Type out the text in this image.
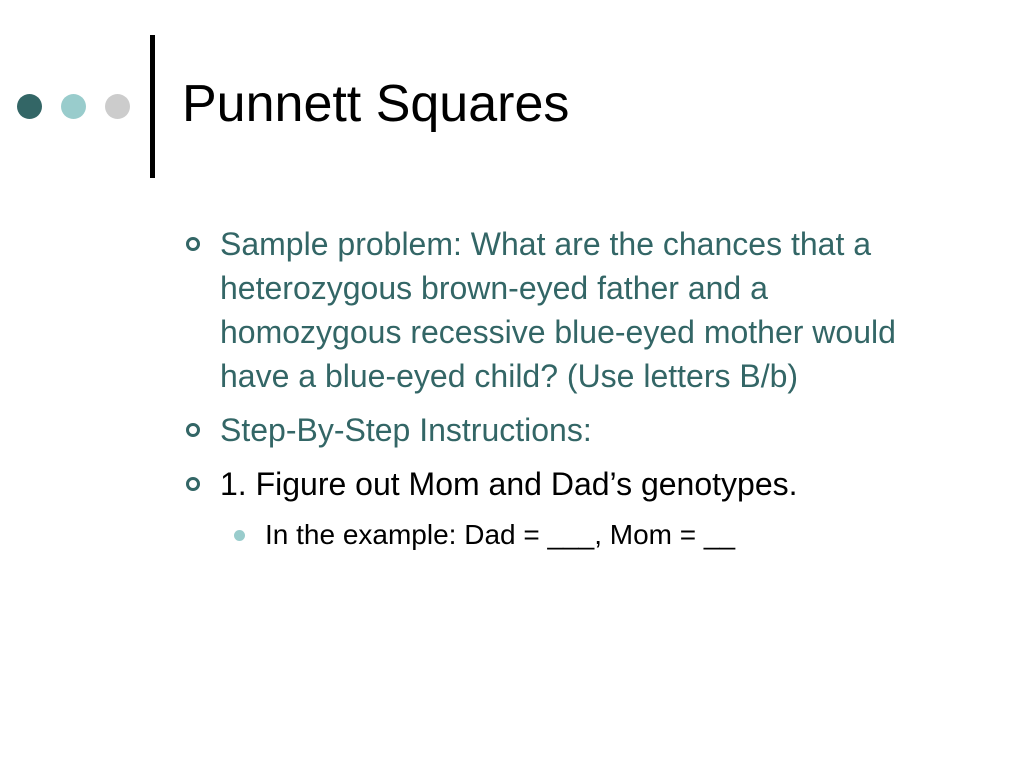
Punnett Squares
Sample problem: What are the chances that a heterozygous brown-eyed father and a homozygous recessive blue-eyed mother would have a blue-eyed child? (Use letters B/b)
Step-By-Step Instructions:
1. Figure out Mom and Dad’s genotypes.
In the example: Dad = ___, Mom = __
